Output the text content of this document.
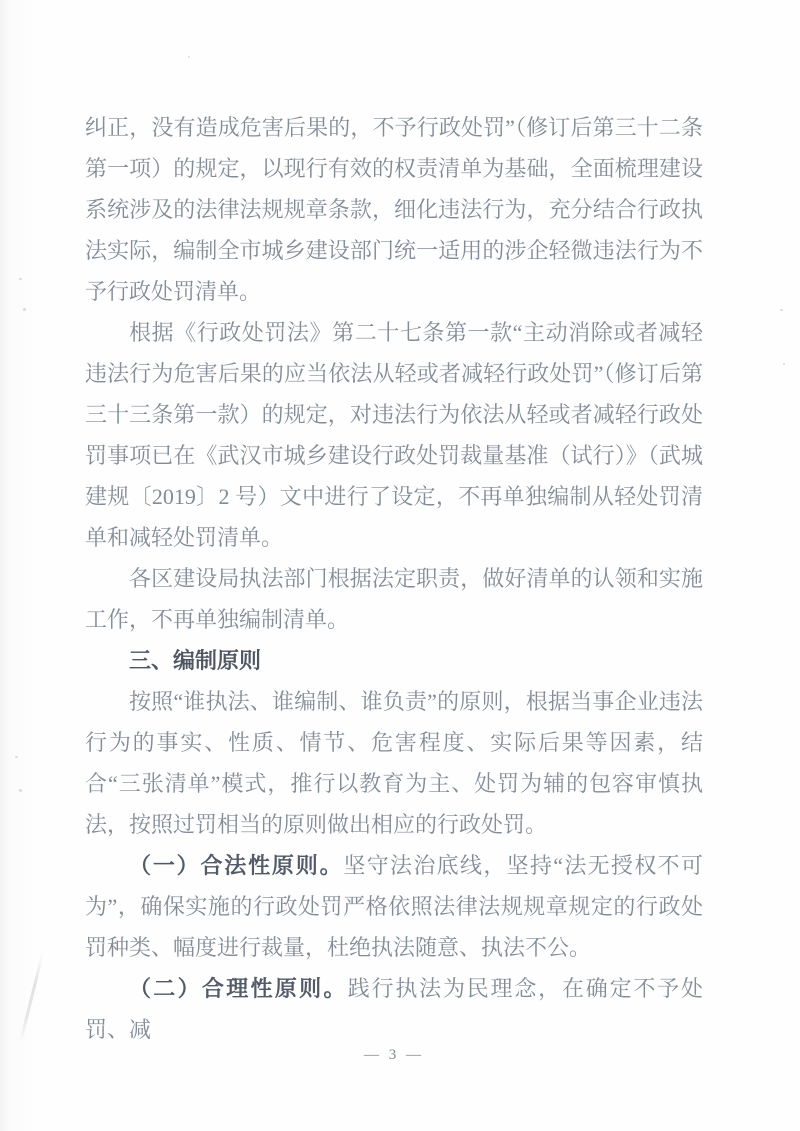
纠正，没有造成危害后果的，不予行政处罚”（修订后第三十二条第一项）的规定，以现行有效的权责清单为基础，全面梳理建设系统涉及的法律法规规章条款，细化违法行为，充分结合行政执法实际，编制全市城乡建设部门统一适用的涉企轻微违法行为不予行政处罚清单。

根据《行政处罚法》第二十七条第一款“主动消除或者减轻违法行为危害后果的应当依法从轻或者减轻行政处罚”（修订后第三十三条第一款）的规定，对违法行为依法从轻或者减轻行政处罚事项已在《武汉市城乡建设行政处罚裁量基准（试行）》（武城建规〔2019〕2 号）文中进行了设定，不再单独编制从轻处罚清单和减轻处罚清单。

各区建设局执法部门根据法定职责，做好清单的认领和实施工作，不再单独编制清单。

三、编制原则

按照“谁执法、谁编制、谁负责”的原则，根据当事企业违法行为的事实、性质、情节、危害程度、实际后果等因素，结合“三张清单”模式，推行以教育为主、处罚为辅的包容审慎执法，按照过罚相当的原则做出相应的行政处罚。

（一）合法性原则。坚守法治底线，坚持“法无授权不可为”，确保实施的行政处罚严格依照法律法规规章规定的行政处罚种类、幅度进行裁量，杜绝执法随意、执法不公。

（二）合理性原则。践行执法为民理念，在确定不予处罚、减

— 3 —
